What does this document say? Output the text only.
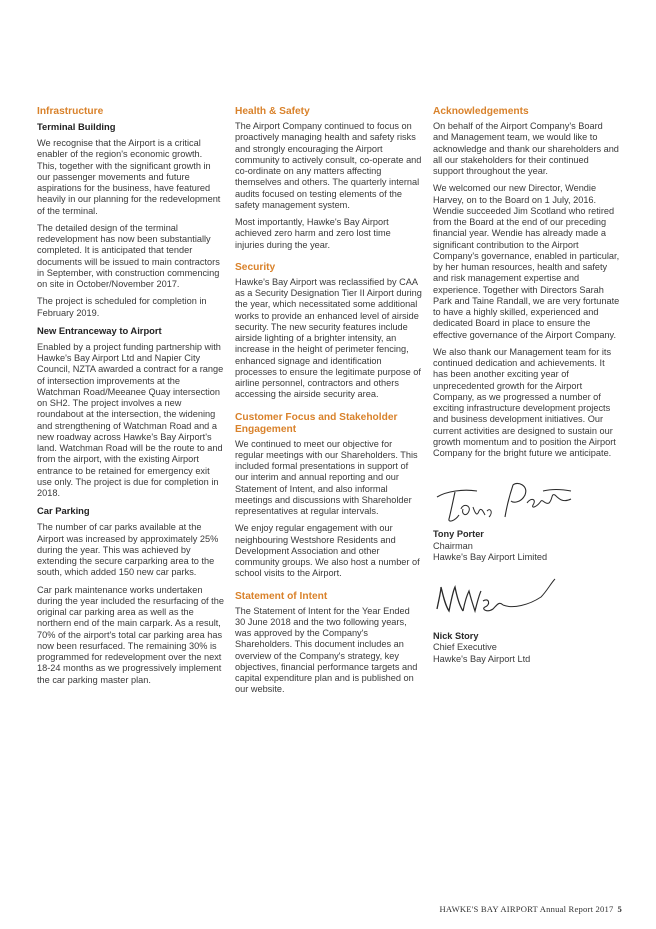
Infrastructure
Terminal Building

We recognise that the Airport is a critical enabler of the region's economic growth. This, together with the significant growth in our passenger movements and future aspirations for the business, have featured heavily in our planning for the redevelopment of the terminal.

The detailed design of the terminal redevelopment has now been substantially completed. It is anticipated that tender documents will be issued to main contractors in September, with construction commencing on site in October/November 2017.

The project is scheduled for completion in February 2019.

New Entranceway to Airport

Enabled by a project funding partnership with Hawke's Bay Airport Ltd and Napier City Council, NZTA awarded a contract for a range of intersection improvements at the Watchman Road/Meeanee Quay intersection on SH2. The project involves a new roundabout at the intersection, the widening and strengthening of Watchman Road and a new roadway across Hawke's Bay Airport's land. Watchman Road will be the route to and from the airport, with the existing Airport entrance to be retained for emergency exit use only. The project is due for completion in 2018.

Car Parking

The number of car parks available at the Airport was increased by approximately 25% during the year. This was achieved by extending the secure carparking area to the south, which added 150 new car parks.

Car park maintenance works undertaken during the year included the resurfacing of the original car parking area as well as the northern end of the main carpark. As a result, 70% of the airport's total car parking area has now been resurfaced. The remaining 30% is programmed for redevelopment over the next 18-24 months as we progressively implement the car parking master plan.

Health & Safety

The Airport Company continued to focus on proactively managing health and safety risks and strongly encouraging the Airport community to actively consult, co-operate and co-ordinate on any matters affecting themselves and others. The quarterly internal audits focused on testing elements of the safety management system.

Most importantly, Hawke's Bay Airport achieved zero harm and zero lost time injuries during the year.

Security

Hawke's Bay Airport was reclassified by CAA as a Security Designation Tier II Airport during the year, which necessitated some additional works to provide an enhanced level of airside security. The new security features include airside lighting of a brighter intensity, an increase in the height of perimeter fencing, enhanced signage and identification processes to ensure the legitimate purpose of airline personnel, contractors and others accessing the airside security area.

Customer Focus and Stakeholder Engagement

We continued to meet our objective for regular meetings with our Shareholders. This included formal presentations in support of our interim and annual reporting and our Statement of Intent, and also informal meetings and discussions with Shareholder representatives at regular intervals.

We enjoy regular engagement with our neighbouring Westshore Residents and Development Association and other community groups. We also host a number of school visits to the Airport.

Statement of Intent

The Statement of Intent for the Year Ended 30 June 2018 and the two following years, was approved by the Company's Shareholders. This document includes an overview of the Company's strategy, key objectives, financial performance targets and capital expenditure plan and is published on our website.

Acknowledgements

On behalf of the Airport Company's Board and Management team, we would like to acknowledge and thank our shareholders and all our stakeholders for their continued support throughout the year.

We welcomed our new Director, Wendie Harvey, on to the Board on 1 July, 2016. Wendie succeeded Jim Scotland who retired from the Board at the end of our preceding financial year. Wendie has already made a significant contribution to the Airport Company's governance, enabled in particular, by her human resources, health and safety and risk management expertise and experience. Together with Directors Sarah Park and Taine Randall, we are very fortunate to have a highly skilled, experienced and dedicated Board in place to ensure the effective governance of the Airport Company.

We also thank our Management team for its continued dedication and achievements. It has been another exciting year of unprecedented growth for the Airport Company, as we progressed a number of exciting infrastructure development projects and business development initiatives. Our current activities are designed to sustain our growth momentum and to position the Airport Company for the bright future we anticipate.

Tony Porter
Chairman
Hawke's Bay Airport Limited
Nick Story
Chief Executive
Hawke's Bay Airport Ltd
HAWKE'S BAY AIRPORT Annual Report 2017 5
